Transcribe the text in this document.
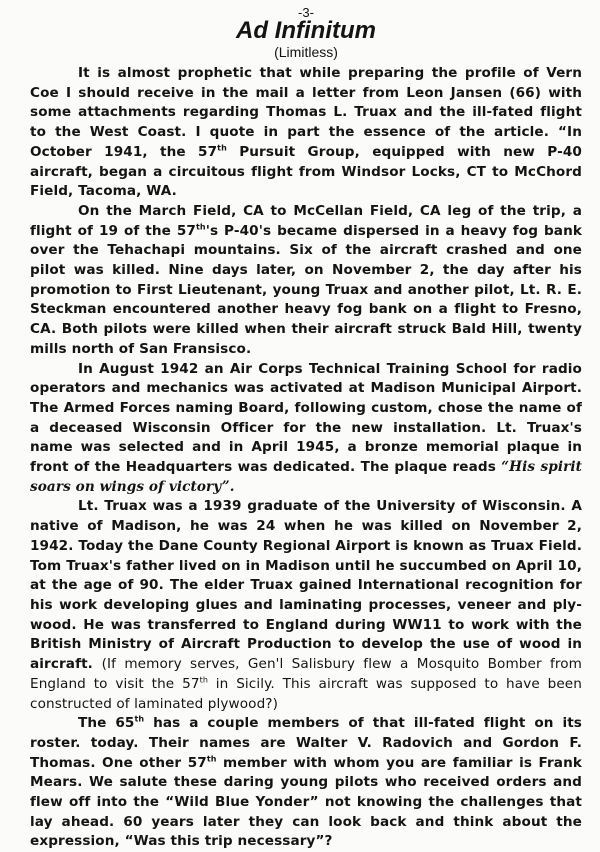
-3-
Ad Infinitum
(Limitless)

It is almost prophetic that while preparing the profile of Vern Coe I should receive in the mail a letter from Leon Jansen (66) with some attachments regarding Thomas L. Truax and the ill-fated flight to the West Coast. I quote in part the essence of the article. “In October 1941, the 57th Pursuit Group, equipped with new P-40 aircraft, began a circuitous flight from Windsor Locks, CT to McChord Field, Tacoma, WA.

On the March Field, CA to McCellan Field, CA leg of the trip, a flight of 19 of the 57th's P-40's became dispersed in a heavy fog bank over the Tehachapi mountains. Six of the aircraft crashed and one pilot was killed. Nine days later, on November 2, the day after his promotion to First Lieutenant, young Truax and another pilot, Lt. R. E. Steckman encountered another heavy fog bank on a flight to Fresno, CA. Both pilots were killed when their aircraft struck Bald Hill, twenty mills north of San Fransisco.

In August 1942 an Air Corps Technical Training School for radio operators and mechanics was activated at Madison Municipal Airport. The Armed Forces naming Board, following custom, chose the name of a deceased Wisconsin Officer for the new installation. Lt. Truax's name was selected and in April 1945, a bronze memorial plaque in front of the Headquarters was dedicated. The plaque reads “His spirit soars on wings of victory”.

Lt. Truax was a 1939 graduate of the University of Wisconsin. A native of Madison, he was 24 when he was killed on November 2, 1942. Today the Dane County Regional Airport is known as Truax Field. Tom Truax's father lived on in Madison until he succumbed on April 10, at the age of 90. The elder Truax gained International recognition for his work developing glues and laminating processes, veneer and ply-wood. He was transferred to England during WW11 to work with the British Ministry of Aircraft Production to develop the use of wood in aircraft. (If memory serves, Gen'l Salisbury flew a Mosquito Bomber from England to visit the 57th in Sicily. This aircraft was supposed to have been constructed of laminated plywood?)

The 65th has a couple members of that ill-fated flight on its roster. today. Their names are Walter V. Radovich and Gordon F. Thomas. One other 57th member with whom you are familiar is Frank Mears. We salute these daring young pilots who received orders and flew off into the “Wild Blue Yonder” not knowing the challenges that lay ahead. 60 years later they can look back and think about the expression, “Was this trip necessary”?
